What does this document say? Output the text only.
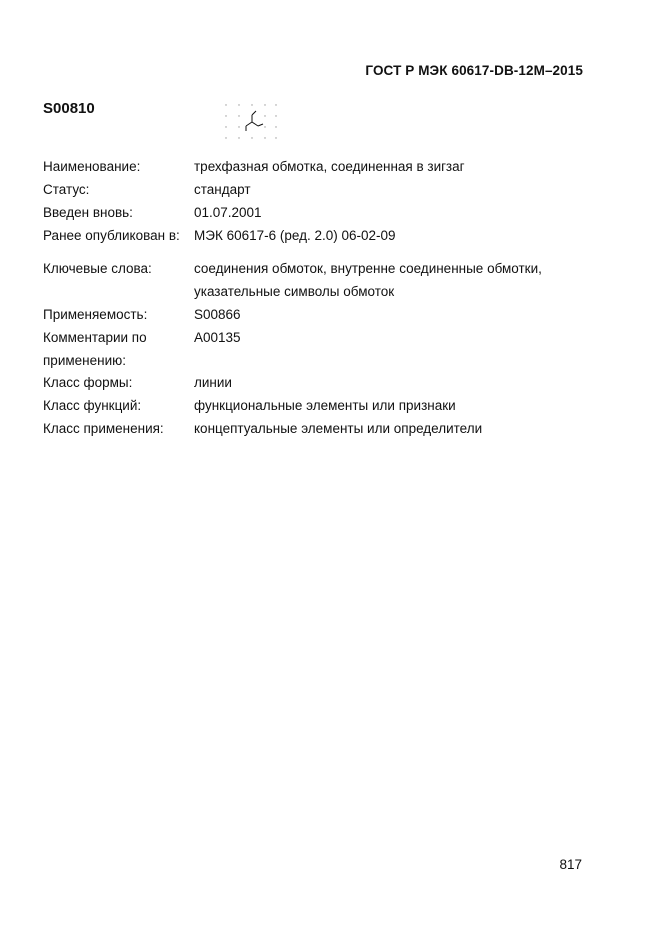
ГОСТ Р МЭК 60617-DB-12M–2015
S00810
Наименование:	трехфазная обмотка, соединенная в зигзаг
Статус:	стандарт
Введен вновь:	01.07.2001
Ранее опубликован в: МЭК 60617-6 (ред. 2.0) 06-02-09
Ключевые слова:	соединения обмоток, внутренне соединенные обмотки,
указательные символы обмоток
Применяемость:	S00866
Комментарии по	A00135
применению:
Класс формы:	линии
Класс функций:	функциональные элементы или признаки
Класс применения: концептуальные элементы или определители
817
